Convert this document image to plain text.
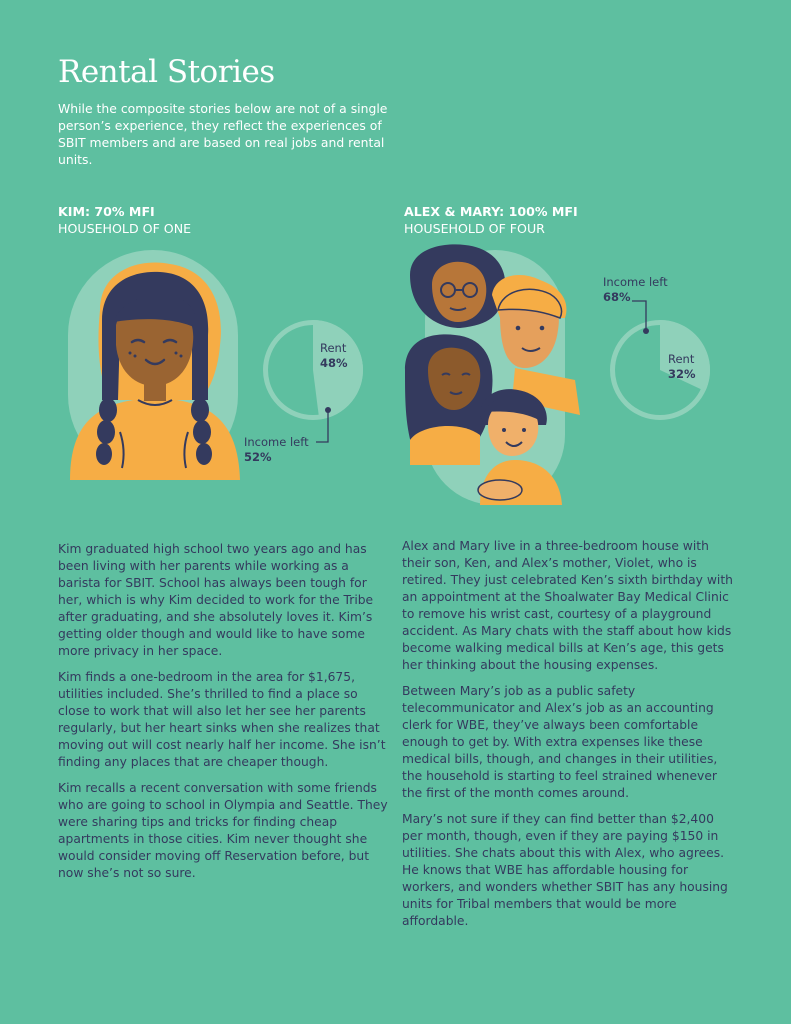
Rental Stories
While the composite stories below are not of a single person’s experience, they reflect the experiences of SBIT members and are based on real jobs and rental units.
KIM: 70% MFI
HOUSEHOLD OF ONE
ALEX & MARY: 100% MFI
HOUSEHOLD OF FOUR
Rent
48%
Income left
52%
Income left
68%
Rent
32%

Kim graduated high school two years ago and has been living with her parents while working as a barista for SBIT. School has always been tough for her, which is why Kim decided to work for the Tribe after graduating, and she absolutely loves it. Kim’s getting older though and would like to have some more privacy in her space.

Kim finds a one-bedroom in the area for $1,675, utilities included. She’s thrilled to find a place so close to work that will also let her see her parents regularly, but her heart sinks when she realizes that moving out will cost nearly half her income. She isn’t finding any places that are cheaper though.

Kim recalls a recent conversation with some friends who are going to school in Olympia and Seattle. They were sharing tips and tricks for finding cheap apartments in those cities. Kim never thought she would consider moving off Reservation before, but now she’s not so sure.

Alex and Mary live in a three-bedroom house with their son, Ken, and Alex’s mother, Violet, who is retired. They just celebrated Ken’s sixth birthday with an appointment at the Shoalwater Bay Medical Clinic to remove his wrist cast, courtesy of a playground accident. As Mary chats with the staff about how kids become walking medical bills at Ken’s age, this gets her thinking about the housing expenses.

Between Mary’s job as a public safety telecommunicator and Alex’s job as an accounting clerk for WBE, they’ve always been comfortable enough to get by. With extra expenses like these medical bills, though, and changes in their utilities, the household is starting to feel strained whenever the first of the month comes around.

Mary’s not sure if they can find better than $2,400 per month, though, even if they are paying $150 in utilities. She chats about this with Alex, who agrees. He knows that WBE has affordable housing for workers, and wonders whether SBIT has any housing units for Tribal members that would be more affordable.
